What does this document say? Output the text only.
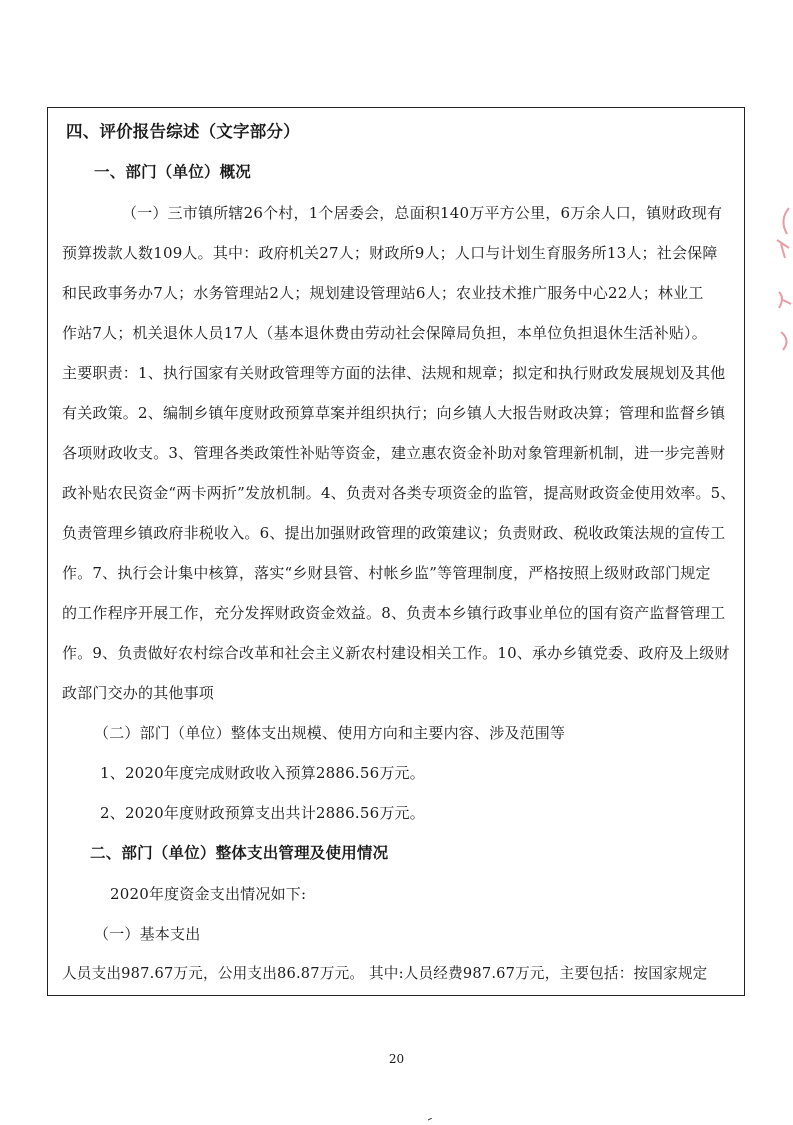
四、评价报告综述（文字部分）
一、部门（单位）概况
（一）三市镇所辖26个村，1个居委会，总面积140万平方公里，6万余人口，镇财政现有
预算拨款人数109人。其中：政府机关27人；财政所9人；人口与计划生育服务所13人；社会保障
和民政事务办7人；水务管理站2人；规划建设管理站6人；农业技术推广服务中心22人；林业工
作站7人；机关退休人员17人（基本退休费由劳动社会保障局负担，本单位负担退休生活补贴）。
主要职责：1、执行国家有关财政管理等方面的法律、法规和规章；拟定和执行财政发展规划及其他
有关政策。2、编制乡镇年度财政预算草案并组织执行；向乡镇人大报告财政决算；管理和监督乡镇
各项财政收支。3、管理各类政策性补贴等资金，建立惠农资金补助对象管理新机制，进一步完善财
政补贴农民资金“两卡两折”发放机制。4、负责对各类专项资金的监管，提高财政资金使用效率。5、
负责管理乡镇政府非税收入。6、提出加强财政管理的政策建议；负责财政、税收政策法规的宣传工
作。7、执行会计集中核算，落实“乡财县管、村帐乡监”等管理制度，严格按照上级财政部门规定
的工作程序开展工作，充分发挥财政资金效益。8、负责本乡镇行政事业单位的国有资产监督管理工
作。9、负责做好农村综合改革和社会主义新农村建设相关工作。10、承办乡镇党委、政府及上级财
政部门交办的其他事项
（二）部门（单位）整体支出规模、使用方向和主要内容、涉及范围等
1、2020年度完成财政收入预算2886.56万元。
2、2020年度财政预算支出共计2886.56万元。
二、部门（单位）整体支出管理及使用情况
2020年度资金支出情况如下:
（一）基本支出
人员支出987.67万元，公用支出86.87万元。 其中:人员经费987.67万元，主要包括：按国家规定
20
